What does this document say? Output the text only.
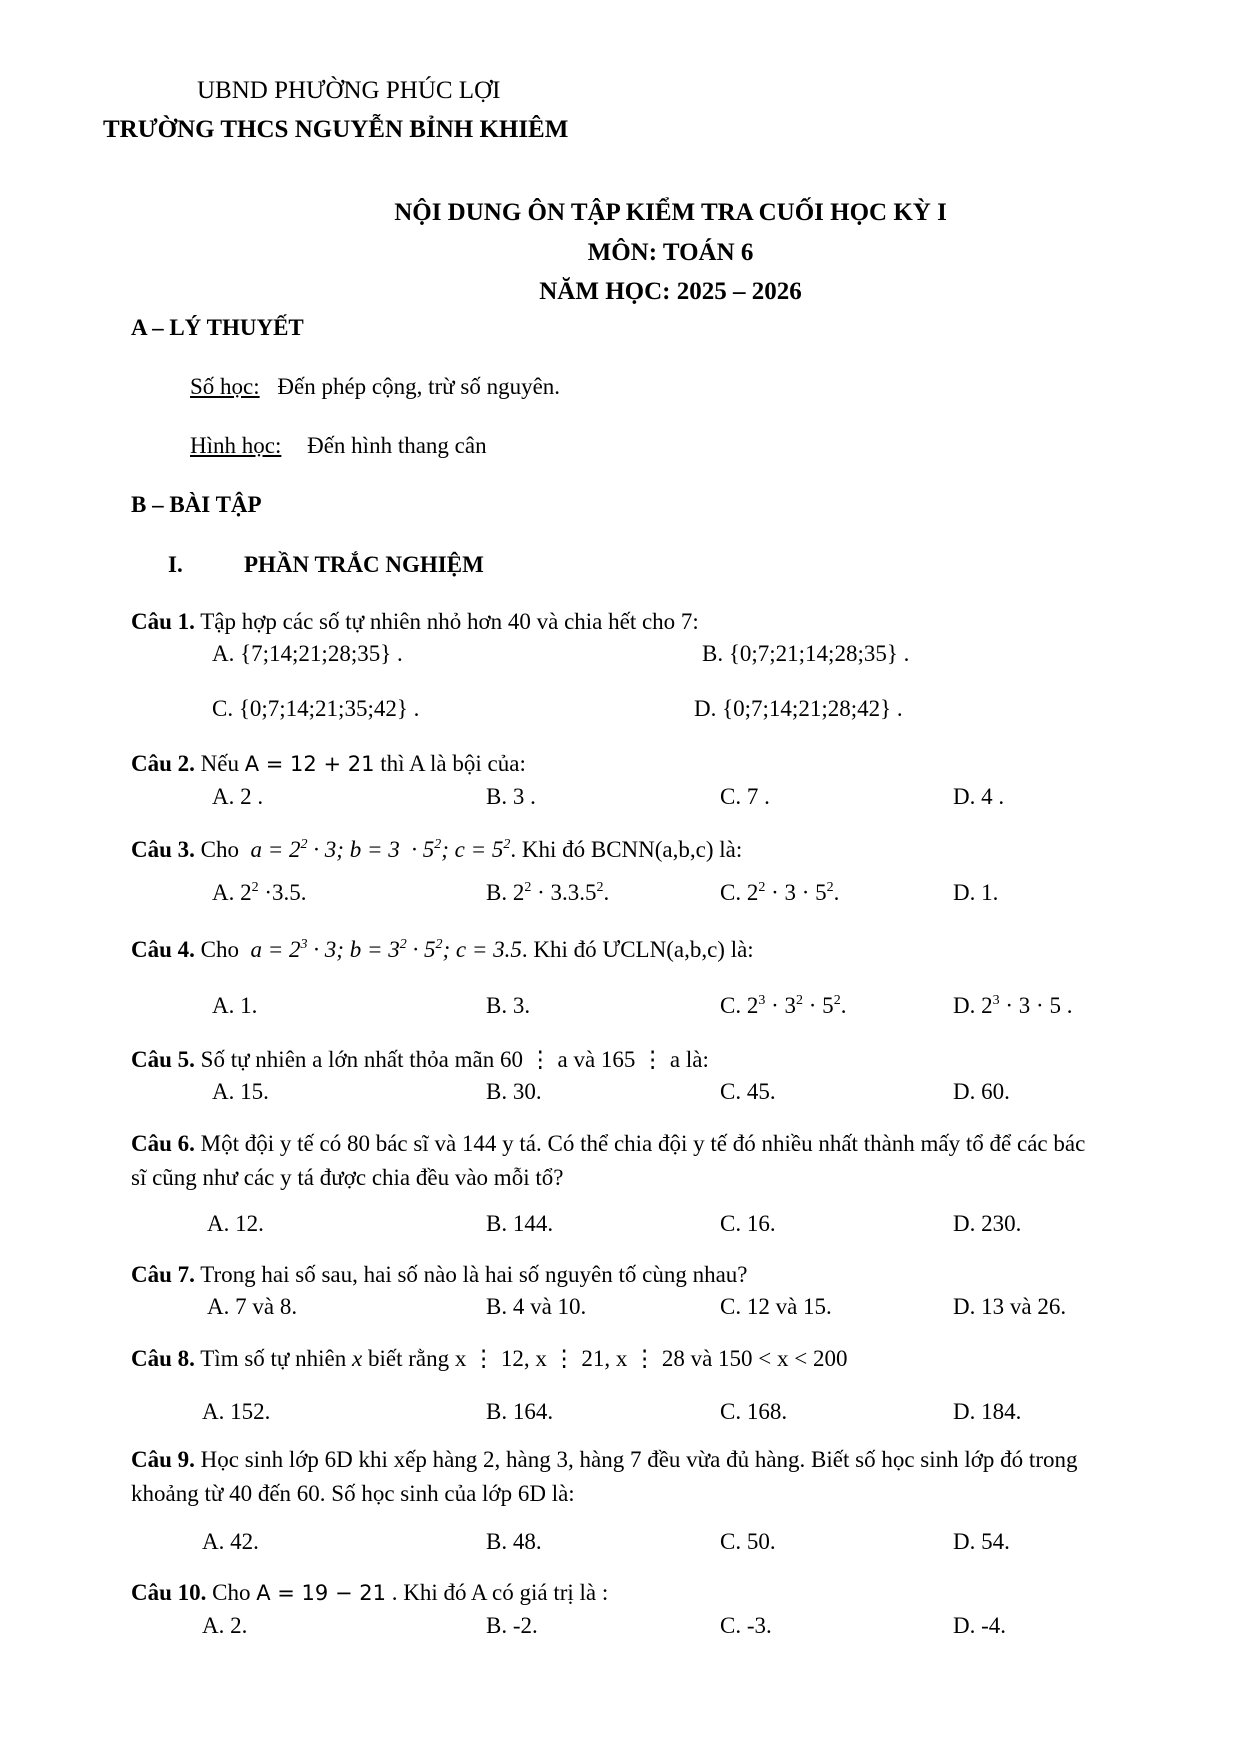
UBND PHƯỜNG PHÚC LỢI
TRƯỜNG THCS NGUYỄN BỈNH KHIÊM
NỘI DUNG ÔN TẬP KIỂM TRA CUỐI HỌC KỲ I
MÔN: TOÁN 6
NĂM HỌC: 2025 – 2026
A – LÝ THUYẾT
Số học: Đến phép cộng, trừ số nguyên.
Hình học: Đến hình thang cân
B – BÀI TẬP
I.	PHẦN TRẮC NGHIỆM
Câu 1. Tập hợp các số tự nhiên nhỏ hơn 40 và chia hết cho 7:
A. {7;14;21;28;35} .	B. {0;7;21;14;28;35} .
C. {0;7;14;21;35;42} .	D. {0;7;14;21;28;42} .
Câu 2. Nếu A = 12 + 21 thì A là bội của:
A. 2 .	B. 3 .	C. 7 .	D. 4 .
Câu 3. Cho  $a = 2^2 \cdot 3$; $b = 3 \cdot 5^2$; $c = 5^2$. Khi đó BCNN(a,b,c) là:
A. $2^2 \cdot 3.5$.	B. $2^2 \cdot 3.3.5^2$.	C. $2^2 \cdot 3 \cdot 5^2$.	D. 1.
Câu 4. Cho  $a = 2^3 \cdot 3$; $b = 3^2 \cdot 5^2$; c = 3.5. Khi đó ƯCLN(a,b,c) là:
A. 1.	B. 3.	C. $2^3 \cdot 3^2 \cdot 5^2$.	D. $2^3 \cdot 3 \cdot 5$ .
Câu 5. Số tự nhiên a lớn nhất thỏa mãn 60 ⋮ a và 165 ⋮ a là:
A. 15.	B. 30.	C. 45.	D. 60.
Câu 6. Một đội y tế có 80 bác sĩ và 144 y tá. Có thể chia đội y tế đó nhiều nhất thành mấy tổ để các bác
sĩ cũng như các y tá được chia đều vào mỗi tổ?
A. 12.	B. 144.	C. 16.	D. 230.
Câu 7. Trong hai số sau, hai số nào là hai số nguyên tố cùng nhau?
A. 7 và 8.	B. 4 và 10.	C. 12 và 15.	D. 13 và 26.
Câu 8. Tìm số tự nhiên x biết rằng x ⋮ 12, x ⋮ 21, x ⋮ 28 và 150 < x < 200
A. 152.	B. 164.	C. 168.	D. 184.
Câu 9. Học sinh lớp 6D khi xếp hàng 2, hàng 3, hàng 7 đều vừa đủ hàng. Biết số học sinh lớp đó trong
khoảng từ 40 đến 60. Số học sinh của lớp 6D là:
A. 42.	B. 48.	C. 50.	D. 54.
Câu 10. Cho A = 19 − 21 . Khi đó A có giá trị là :
A. 2.	B. -2.	C. -3.	D. -4.
